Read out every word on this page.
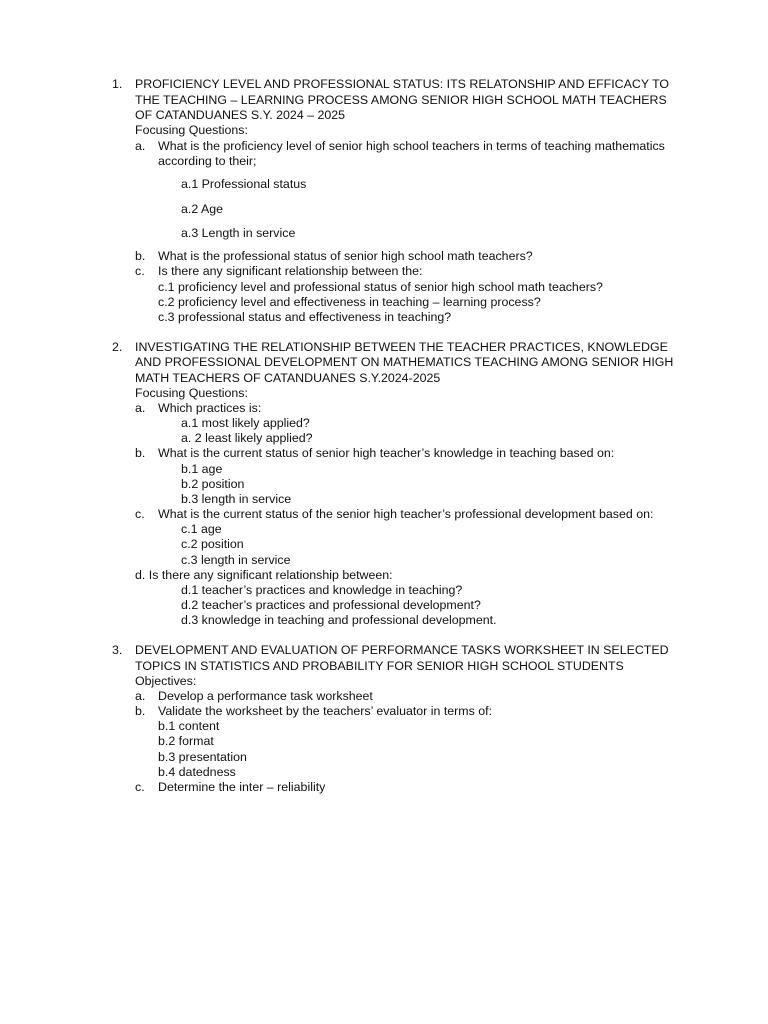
1. PROFICIENCY LEVEL AND PROFESSIONAL STATUS: ITS RELATONSHIP AND EFFICACY TO
THE TEACHING – LEARNING PROCESS AMONG SENIOR HIGH SCHOOL MATH TEACHERS
OF CATANDUANES S.Y. 2024 – 2025
Focusing Questions:
a. What is the proficiency level of senior high school teachers in terms of teaching mathematics
according to their;
a.1 Professional status
a.2 Age
a.3 Length in service
b. What is the professional status of senior high school math teachers?
c. Is there any significant relationship between the:
c.1 proficiency level and professional status of senior high school math teachers?
c.2 proficiency level and effectiveness in teaching – learning process?
c.3 professional status and effectiveness in teaching?
2. INVESTIGATING THE RELATIONSHIP BETWEEN THE TEACHER PRACTICES, KNOWLEDGE
AND PROFESSIONAL DEVELOPMENT ON MATHEMATICS TEACHING AMONG SENIOR HIGH
MATH TEACHERS OF CATANDUANES S.Y.2024-2025
Focusing Questions:
a. Which practices is:
a.1 most likely applied?
a. 2 least likely applied?
b. What is the current status of senior high teacher’s knowledge in teaching based on:
b.1 age
b.2 position
b.3 length in service
c. What is the current status of the senior high teacher’s professional development based on:
c.1 age
c.2 position
c.3 length in service
d. Is there any significant relationship between:
d.1 teacher’s practices and knowledge in teaching?
d.2 teacher’s practices and professional development?
d.3 knowledge in teaching and professional development.
3. DEVELOPMENT AND EVALUATION OF PERFORMANCE TASKS WORKSHEET IN SELECTED
TOPICS IN STATISTICS AND PROBABILITY FOR SENIOR HIGH SCHOOL STUDENTS
Objectives:
a. Develop a performance task worksheet
b. Validate the worksheet by the teachers’ evaluator in terms of:
b.1 content
b.2 format
b.3 presentation
b.4 datedness
c. Determine the inter – reliability
